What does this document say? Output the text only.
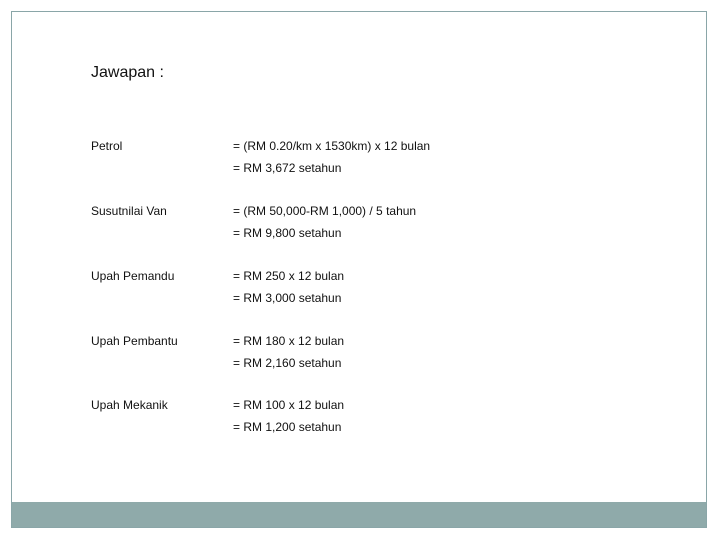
Jawapan :
Petrol	= (RM 0.20/km x 1530km) x 12 bulan
= RM 3,672 setahun
Susutnilai Van	= (RM 50,000-RM 1,000) / 5 tahun
= RM 9,800 setahun
Upah Pemandu	= RM 250 x 12 bulan
= RM 3,000 setahun
Upah Pembantu	= RM 180 x 12 bulan
= RM 2,160 setahun
Upah Mekanik	= RM 100 x 12 bulan
= RM 1,200 setahun
